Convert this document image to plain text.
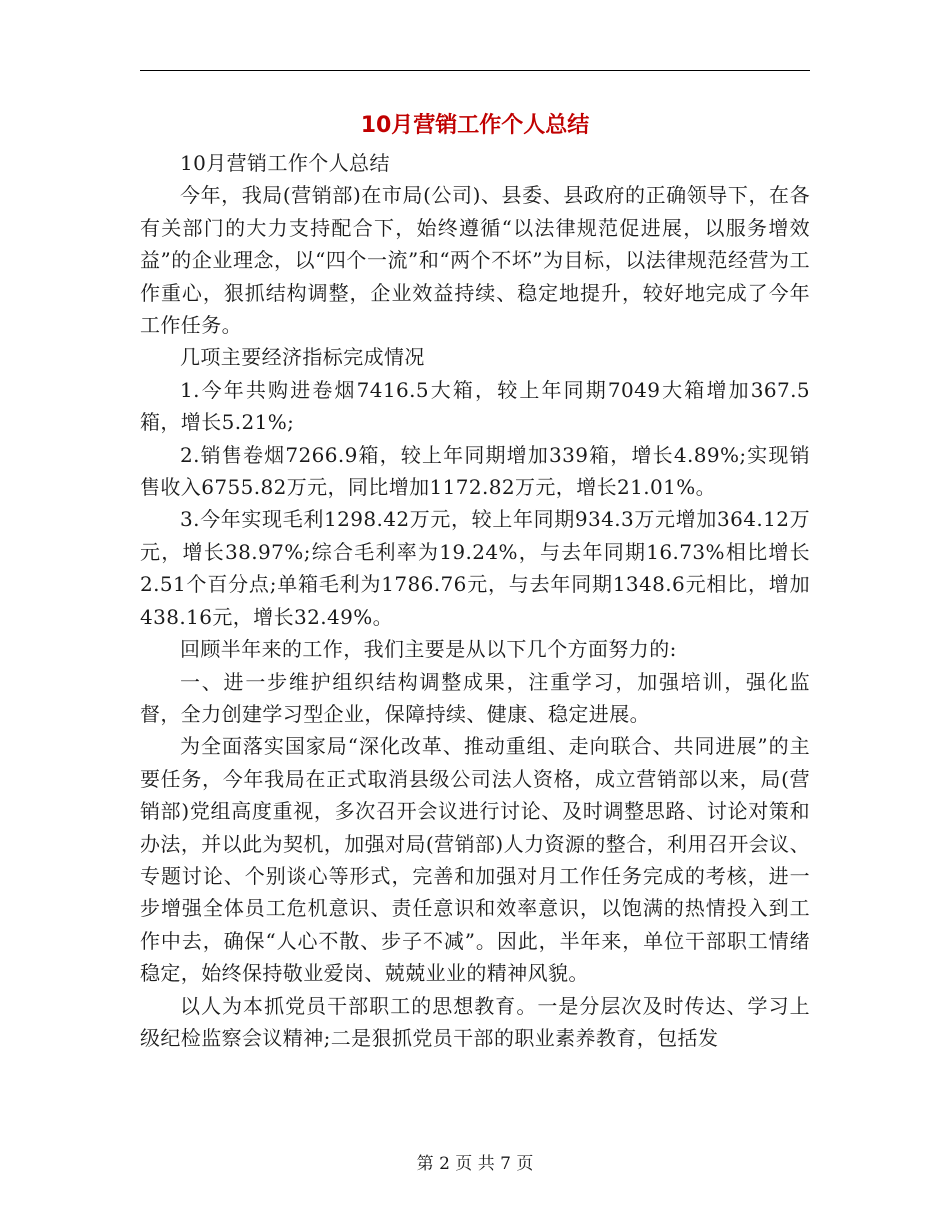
10月营销工作个人总结

10月营销工作个人总结

今年，我局(营销部)在市局(公司)、县委、县政府的正确领导下，在各有关部门的大力支持配合下，始终遵循“以法律规范促进展，以服务增效益”的企业理念，以“四个一流”和“两个不坏”为目标，以法律规范经营为工作重心，狠抓结构调整，企业效益持续、稳定地提升，较好地完成了今年工作任务。

几项主要经济指标完成情况

1.今年共购进卷烟7416.5大箱，较上年同期7049大箱增加367.5箱，增长5.21%;

2.销售卷烟7266.9箱，较上年同期增加339箱，增长4.89%;实现销售收入6755.82万元，同比增加1172.82万元，增长21.01%。

3.今年实现毛利1298.42万元，较上年同期934.3万元增加364.12万元，增长38.97%;综合毛利率为19.24%，与去年同期16.73%相比增长2.51个百分点;单箱毛利为1786.76元，与去年同期1348.6元相比，增加438.16元，增长32.49%。

回顾半年来的工作，我们主要是从以下几个方面努力的:

一、进一步维护组织结构调整成果，注重学习，加强培训，强化监督，全力创建学习型企业，保障持续、健康、稳定进展。

为全面落实国家局“深化改革、推动重组、走向联合、共同进展”的主要任务，今年我局在正式取消县级公司法人资格，成立营销部以来，局(营销部)党组高度重视，多次召开会议进行讨论、及时调整思路、讨论对策和办法，并以此为契机，加强对局(营销部)人力资源的整合，利用召开会议、专题讨论、个别谈心等形式，完善和加强对月工作任务完成的考核，进一步增强全体员工危机意识、责任意识和效率意识，以饱满的热情投入到工作中去，确保“人心不散、步子不减”。因此，半年来，单位干部职工情绪稳定，始终保持敬业爱岗、兢兢业业的精神风貌。

以人为本抓党员干部职工的思想教育。一是分层次及时传达、学习上级纪检监察会议精神;二是狠抓党员干部的职业素养教育，包括发

第 2 页 共 7 页
